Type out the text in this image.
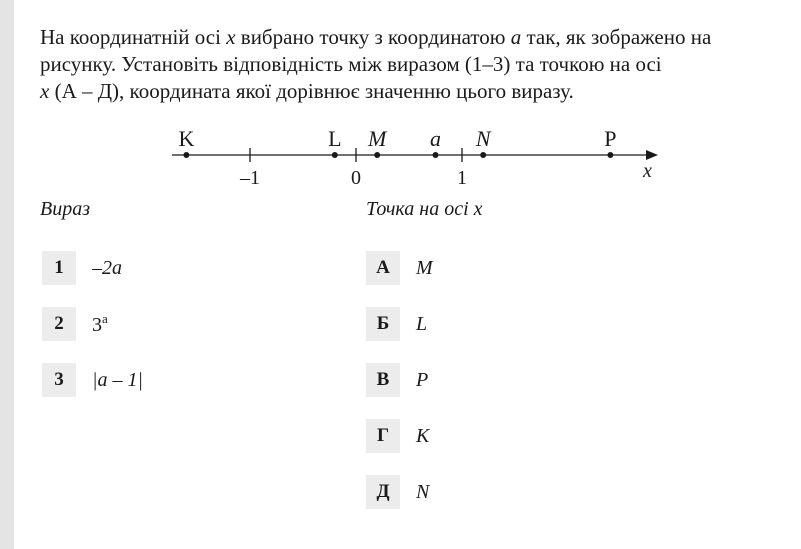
На координатній осі x вибрано точку з координатою a так, як зображено на
рисунку. Установіть відповідність між виразом (1–3) та точкою на осі
x (А – Д), координата якої дорівнює значенню цього виразу.
x
–1	0	1
K	L M a N	P
Вираз	Точка на осі x
1	–2a
2	3$^a$
3	|a – 1|
А	M
Б	L
В	P
Г	K
Д	N
